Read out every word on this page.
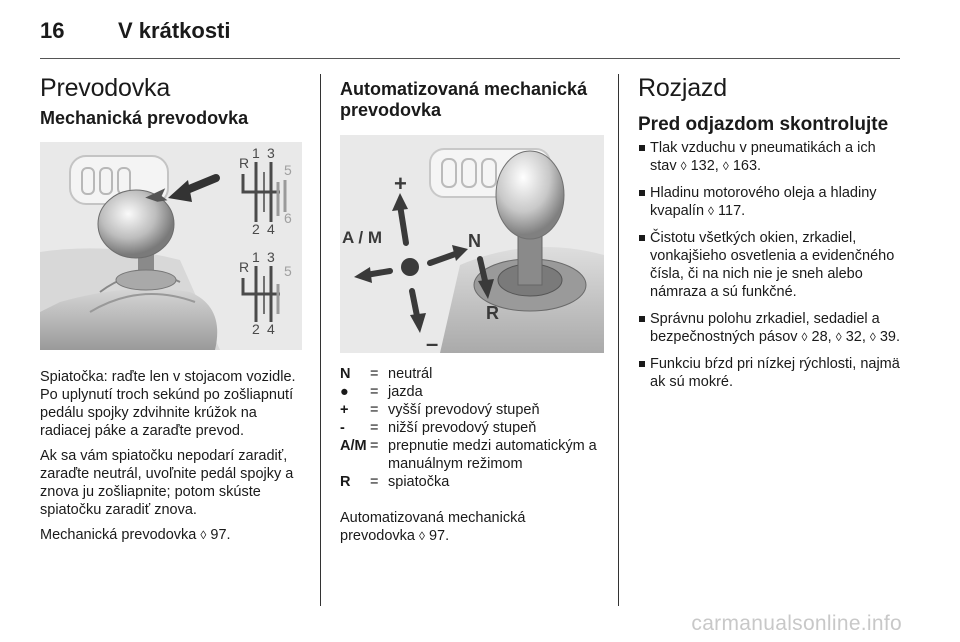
16 V krátkosti
Prevodovka
Mechanická prevodovka
R
1 3
5
2 4
6
R
1 3
5
2 4

Spiatočka: raďte len v stojacom vozidle. Po uplynutí troch sekúnd po zošliapnutí pedálu spojky zdvihnite krúžok na radiacej páke a zaraďte prevod.

Ak sa vám spiatočku nepodarí zaradiť, zaraďte neutrál, uvoľnite pedál spojky a znova ju zošliapnite; potom skúste spiatočku zaradiť znova.

Mechanická prevodovka ◊ 97.

Automatizovaná mechanická
prevodovka
+
A / M
–
N
R
N	= neutrál
●	= jazda
+	= vyšší prevodový stupeň
-	= nižší prevodový stupeň
A/M = prepnutie medzi automatickým a manuálnym režimom
R	= spiatočka

Automatizovaná mechanická prevodovka ◊ 97.

Rozjazd
Pred odjazdom skontrolujte
Tlak vzduchu v pneumatikách a ich stav ◊ 132, ◊ 163.
Hladinu motorového oleja a hladiny kvapalín ◊ 117.
Čistotu všetkých okien, zrkadiel, vonkajšieho osvetlenia a evidenčného čísla, či na nich nie je sneh alebo námraza a sú funkčné.
Správnu polohu zrkadiel, sedadiel a bezpečnostných pásov ◊ 28, ◊ 32, ◊ 39.
Funkciu bŕzd pri nízkej rýchlosti, najmä ak sú mokré.
carmanualsonline.info
